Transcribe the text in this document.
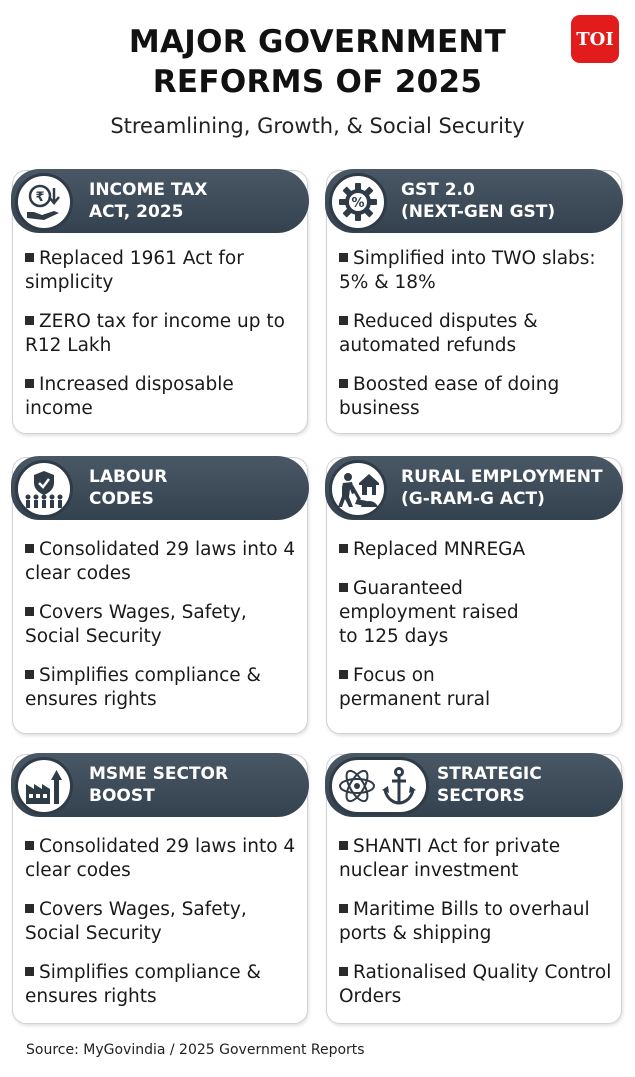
MAJOR GOVERNMENT
REFORMS OF 2025
Streamlining, Growth, & Social Security
TOI
₹	INCOME TAX
ACT, 2025
Replaced 1961 Act for simplicity
ZERO tax for income up to R12 Lakh
Increased disposable income
%
GST 2.0
(NEXT-GEN GST)
Simplified into TWO slabs: 5% & 18%
Reduced disputes & automated refunds
Boosted ease of doing business
LABOUR
CODES
Consolidated 29 laws into 4 clear codes
Covers Wages, Safety, Social Security
Simplifies compliance & ensures rights
RURAL EMPLOYMENT
(G-RAM-G ACT)
Replaced MNREGA
Guaranteed employment raised to 125 days
Focus on permanent rural
MSME SECTOR
BOOST
Consolidated 29 laws into 4 clear codes
Covers Wages, Safety, Social Security
Simplifies compliance & ensures rights
STRATEGIC
SECTORS
SHANTI Act for private nuclear investment
Maritime Bills to overhaul ports & shipping
Rationalised Quality Control Orders
Source: MyGovindia / 2025 Government Reports
